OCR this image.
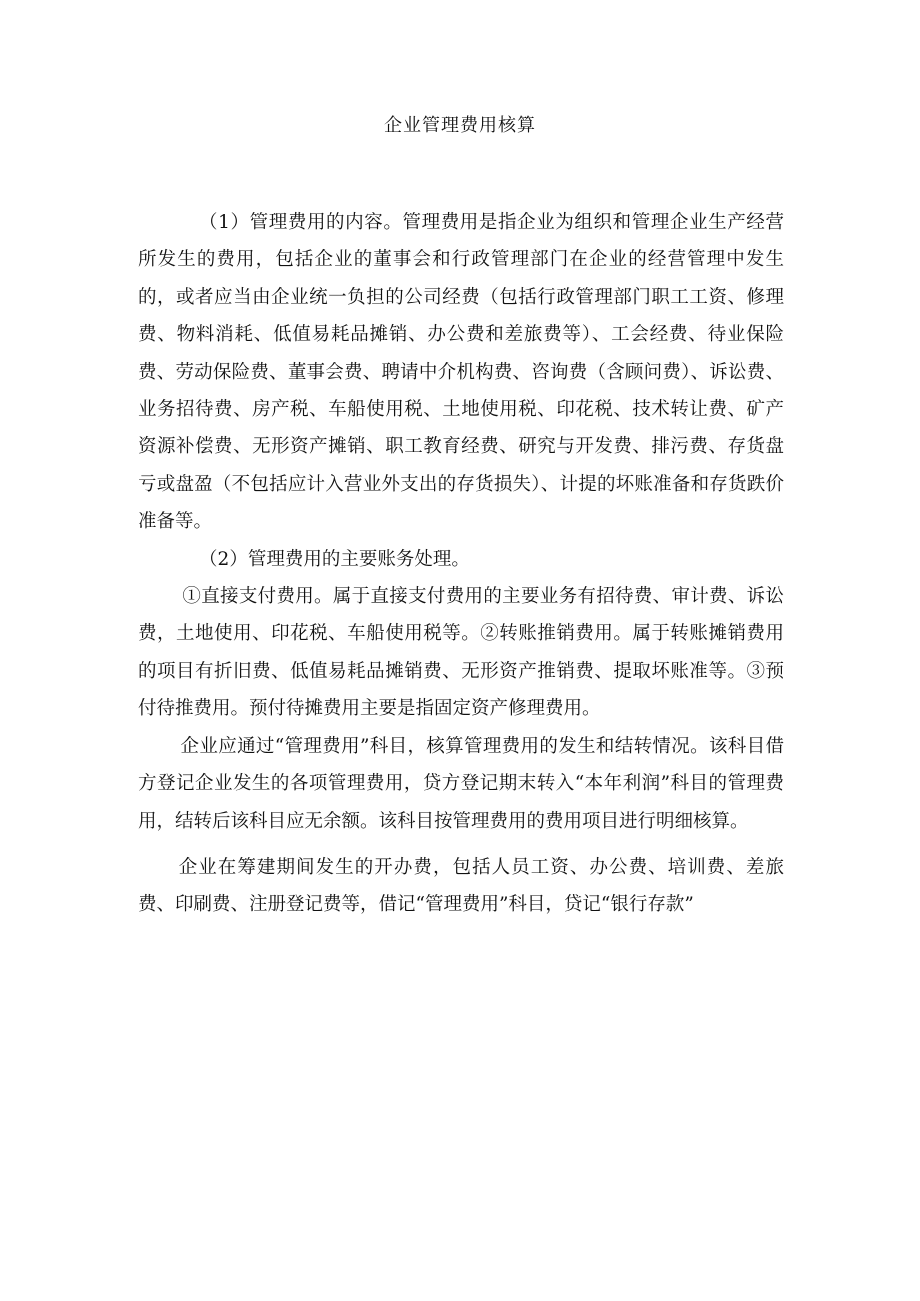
企业管理费用核算

（1）管理费用的内容。管理费用是指企业为组织和管理企业生产经营所发生的费用，包括企业的董事会和行政管理部门在企业的经营管理中发生的，或者应当由企业统一负担的公司经费（包括行政管理部门职工工资、修理费、物料消耗、低值易耗品摊销、办公费和差旅费等）、工会经费、待业保险费、劳动保险费、董事会费、聘请中介机构费、咨询费（含顾问费）、诉讼费、业务招待费、房产税、车船使用税、土地使用税、印花税、技术转让费、矿产资源补偿费、无形资产摊销、职工教育经费、研究与开发费、排污费、存货盘亏或盘盈（不包括应计入营业外支出的存货损失）、计提的坏账准备和存货跌价准备等。

（2）管理费用的主要账务处理。

①直接支付费用。属于直接支付费用的主要业务有招待费、审计费、诉讼费，土地使用、印花税、车船使用税等。②转账推销费用。属于转账摊销费用的项目有折旧费、低值易耗品摊销费、无形资产推销费、提取坏账准等。③预付待推费用。预付待摊费用主要是指固定资产修理费用。

企业应通过“管理费用”科目，核算管理费用的发生和结转情况。该科目借方登记企业发生的各项管理费用，贷方登记期末转入“本年利润”科目的管理费用，结转后该科目应无余额。该科目按管理费用的费用项目进行明细核算。

企业在筹建期间发生的开办费，包括人员工资、办公费、培训费、差旅费、印刷费、注册登记费等，借记“管理费用”科目，贷记“银行存款”
